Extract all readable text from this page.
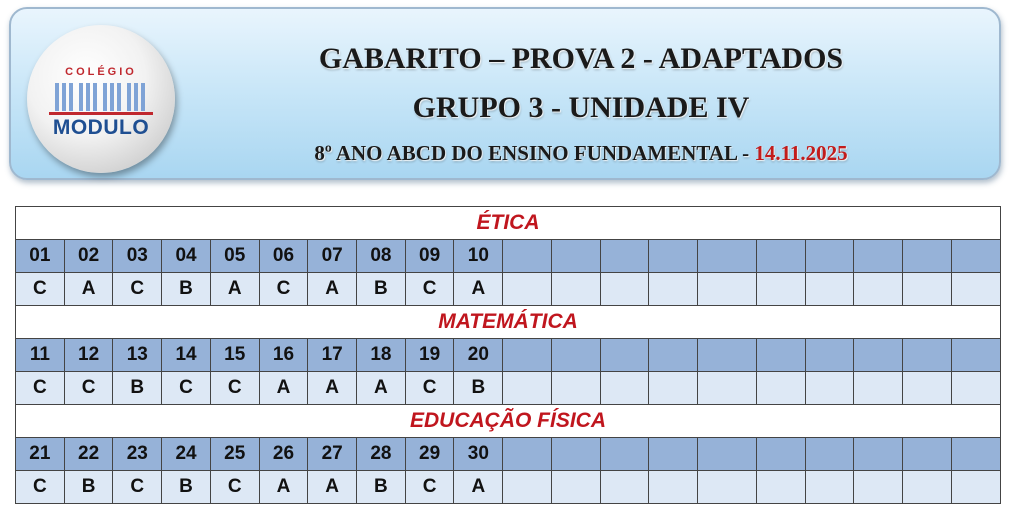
COLÉGIO
MODULO
GABARITO – PROVA 2 - ADAPTADOS
GRUPO 3 - UNIDADE IV
8º ANO ABCD DO ENSINO FUNDAMENTAL - 14.11.2025
ÉTICA																			
01	02	03	04	05	06	07	08	09	10										
C	A	C	B	A	C	A	B	C	A										
MATEMÁTICA																			
11	12	13	14	15	16	17	18	19	20										
C	C	B	C	C	A	A	A	C	B										
EDUCAÇÃO FÍSICA																			
21	22	23	24	25	26	27	28	29	30										
C	B	C	B	C	A	A	B	C	A										
